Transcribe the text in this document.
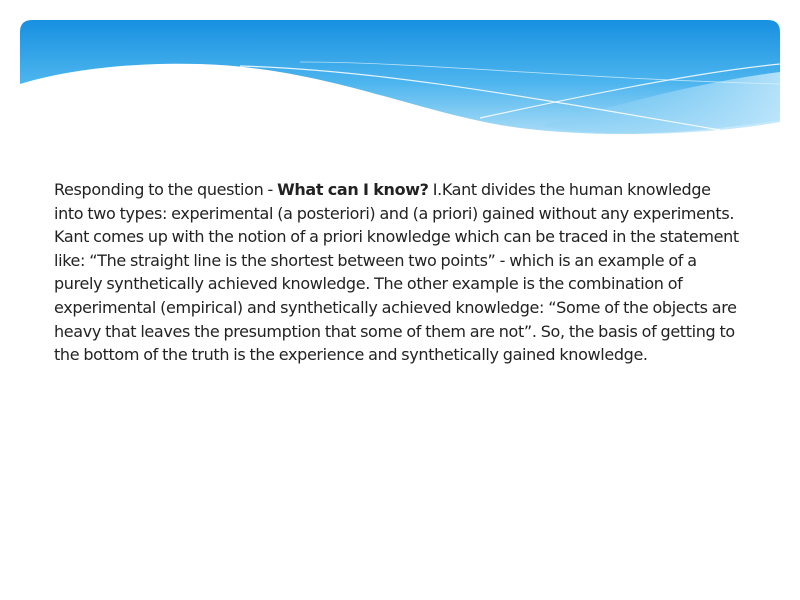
Responding to the question - What can I know? I.Kant divides the human knowledge into two types: experimental (a posteriori) and (a priori) gained without any experiments.

Kant comes up with the notion of a priori knowledge which can be traced in the statement like: “The straight line is the shortest between two points” - which is an example of a purely synthetically achieved knowledge. The other example is the combination of experimental (empirical) and synthetically achieved knowledge: “Some of the objects are heavy that leaves the presumption that some of them are not”. So, the basis of getting to the bottom of the truth is the experience and synthetically gained knowledge.
